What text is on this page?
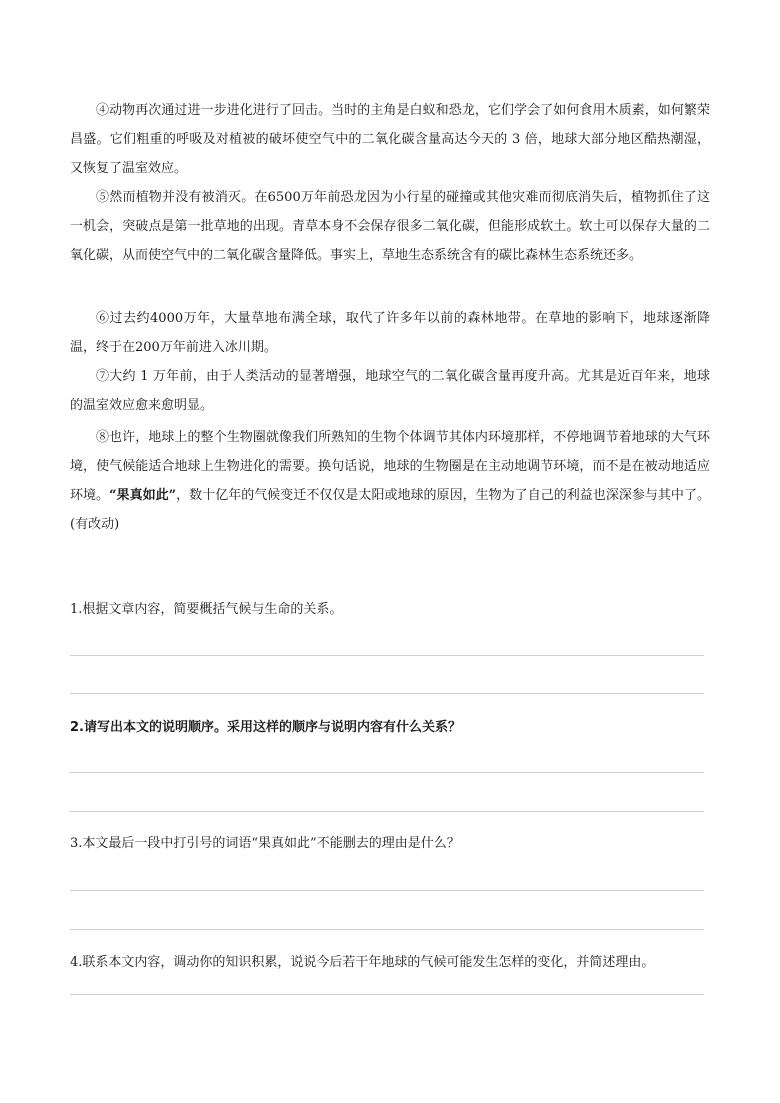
④动物再次通过进一步进化进行了回击。当时的主角是白蚁和恐龙，它们学会了如何食用木质素，如何繁荣昌盛。它们粗重的呼吸及对植被的破坏使空气中的二氧化碳含量高达今天的 3 倍，地球大部分地区酷热潮湿，又恢复了温室效应。

⑤然而植物并没有被消灭。在6500万年前恐龙因为小行星的碰撞或其他灾难而彻底消失后，植物抓住了这一机会，突破点是第一批草地的出现。青草本身不会保存很多二氧化碳，但能形成软土。软土可以保存大量的二氧化碳，从而使空气中的二氧化碳含量降低。事实上，草地生态系统含有的碳比森林生态系统还多。

⑥过去约4000万年，大量草地布满全球，取代了许多年以前的森林地带。在草地的影响下，地球逐渐降温，终于在200万年前进入冰川期。

⑦大约 1 万年前，由于人类活动的显著增强，地球空气的二氧化碳含量再度升高。尤其是近百年来，地球的温室效应愈来愈明显。

⑧也许，地球上的整个生物圈就像我们所熟知的生物个体调节其体内环境那样，不停地调节着地球的大气环境，使气候能适合地球上生物进化的需要。换句话说，地球的生物圈是在主动地调节环境，而不是在被动地适应环境。“果真如此”，数十亿年的气候变迁不仅仅是太阳或地球的原因，生物为了自己的利益也深深参与其中了。(有改动)

1.根据文章内容，简要概括气候与生命的关系。

2.请写出本文的说明顺序。采用这样的顺序与说明内容有什么关系？

3.本文最后一段中打引号的词语“果真如此”不能删去的理由是什么？

4.联系本文内容，调动你的知识积累，说说今后若干年地球的气候可能发生怎样的变化，并简述理由。
